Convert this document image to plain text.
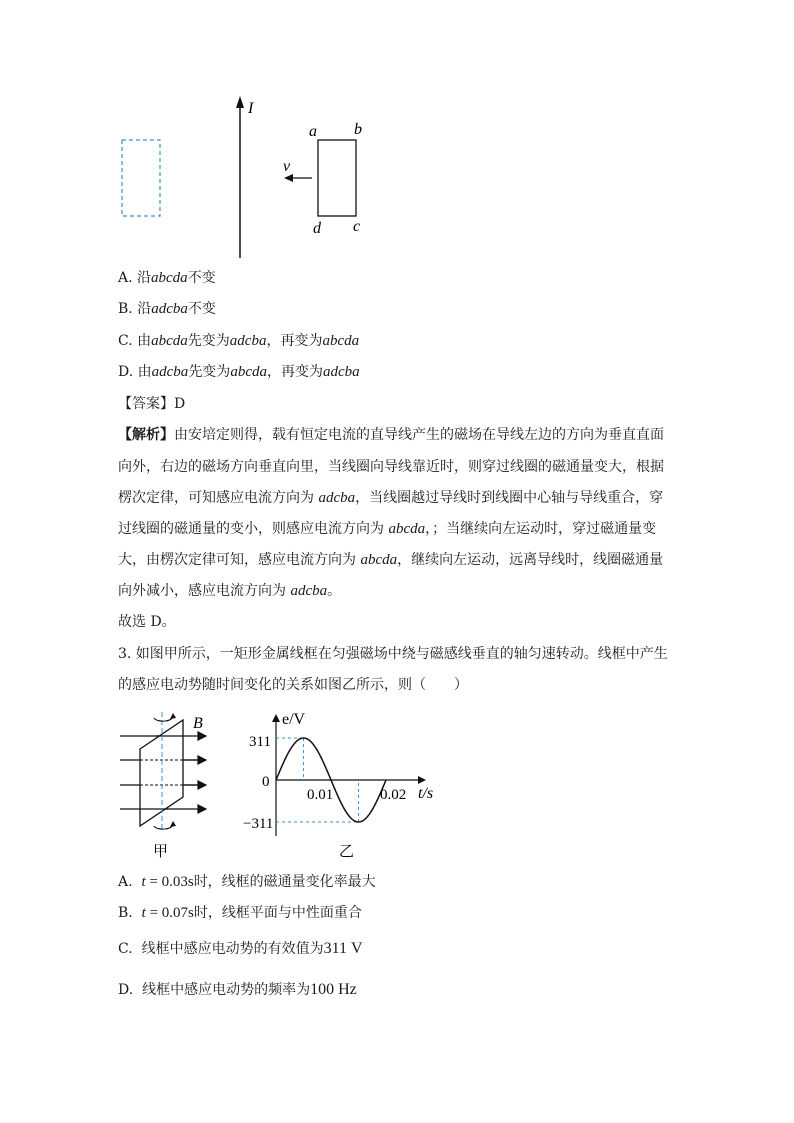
I
a b
d c
v
A. 沿abcda不变
B. 沿adcba不变
C. 由abcda先变为adcba，再变为abcda
D. 由adcba先变为abcda，再变为adcba
【答案】D
【解析】由安培定则得，载有恒定电流的直导线产生的磁场在导线左边的方向为垂直直面
向外，右边的磁场方向垂直向里，当线圈向导线靠近时，则穿过线圈的磁通量变大，根据
楞次定律，可知感应电流方向为 adcba，当线圈越过导线时到线圈中心轴与导线重合，穿
过线圈的磁通量的变小，则感应电流方向为 abcda，；当继续向左运动时，穿过磁通量变
大，由楞次定律可知，感应电流方向为 abcda，继续向左运动，远离导线时，线圈磁通量
向外减小，感应电流方向为 adcba。
故选 D。
3. 如图甲所示，一矩形金属线框在匀强磁场中绕与磁感线垂直的轴匀速转动。线框中产生
的感应电动势随时间变化的关系如图乙所示，则（　　）
B
甲
e/V
t/s
311
0
−311
0.01	0.02
乙
A. t = 0.03s时，线框的磁通量变化率最大
B. t = 0.07s时，线框平面与中性面重合
C. 线框中感应电动势的有效值为311 V
D. 线框中感应电动势的频率为100 Hz
